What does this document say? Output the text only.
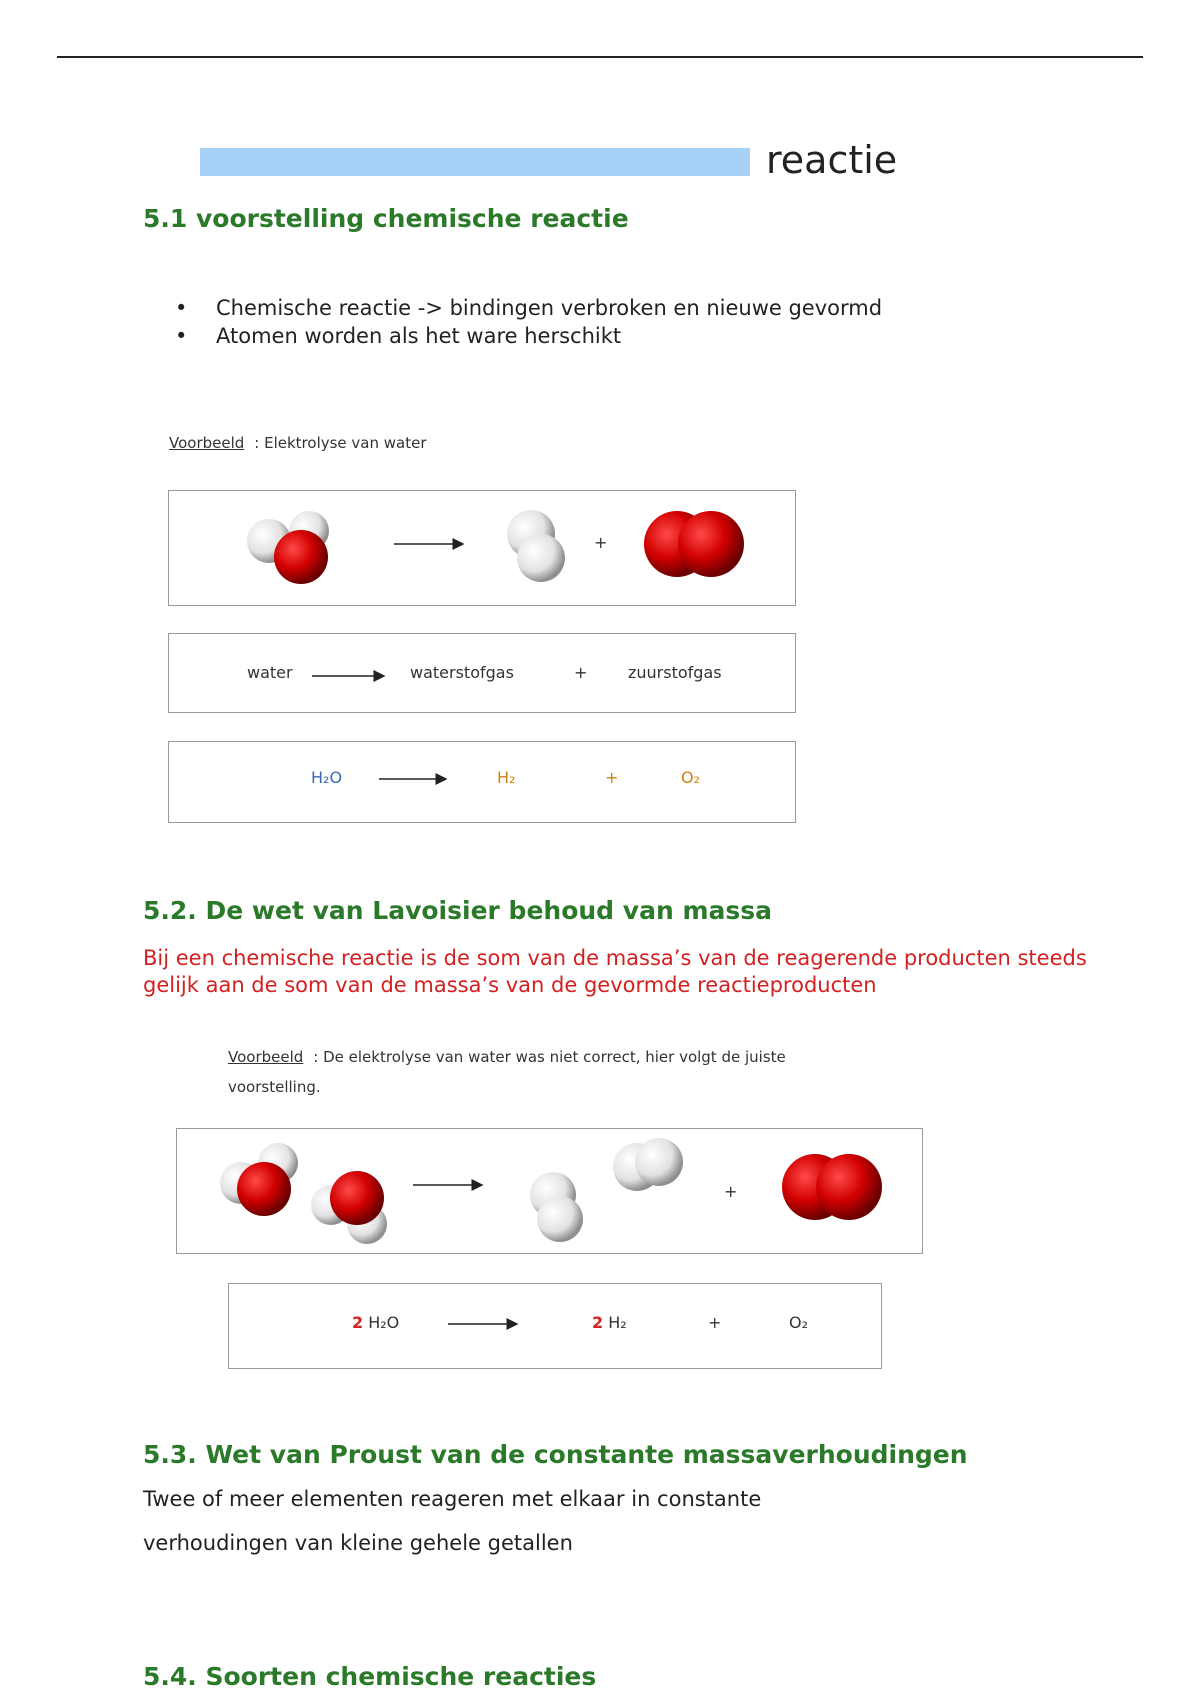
reactie
5.1 voorstelling chemische reactie
• Chemische reactie -> bindingen verbroken en nieuwe gevormd
• Atomen worden als het ware herschikt
Voorbeeld : Elektrolyse van water
+
water	waterstofgas	+	zuurstofgas
H₂O	H₂	+	O₂
5.2. De wet van Lavoisier behoud van massa
Bij een chemische reactie is de som van de massa’s van de reagerende producten steeds gelijk aan de som van de massa’s van de gevormde reactieproducten
Voorbeeld : De elektrolyse van water was niet correct, hier volgt de juiste
voorstelling.
+
2 H₂O	2 H₂	+	O₂
5.3. Wet van Proust van de constante massaverhoudingen
Twee of meer elementen reageren met elkaar in constante
verhoudingen van kleine gehele getallen
5.4. Soorten chemische reacties
